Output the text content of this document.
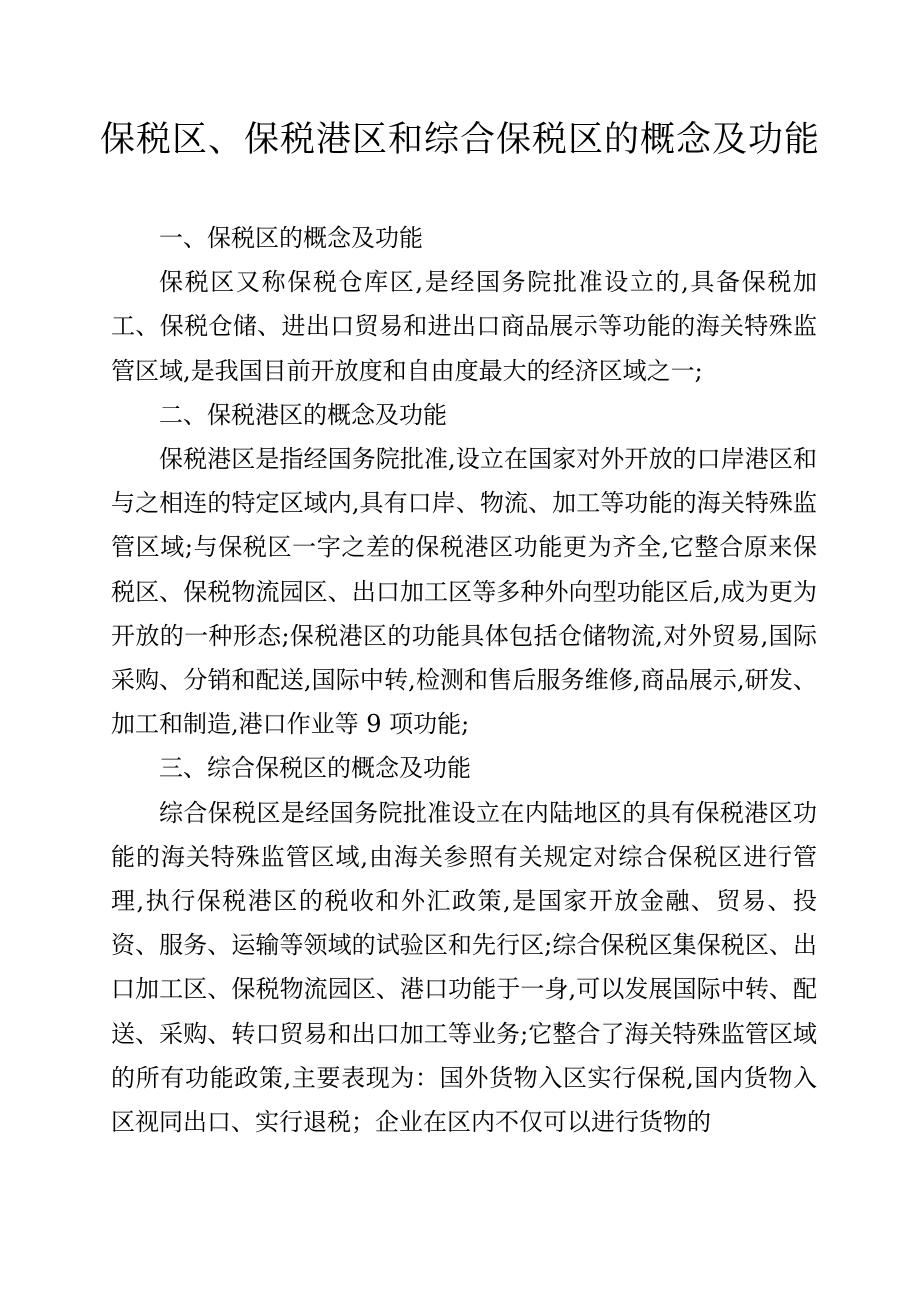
保税区、保税港区和综合保税区的概念及功能

一、保税区的概念及功能

保税区又称保税仓库区,是经国务院批准设立的,具备保税加工、保税仓储、进出口贸易和进出口商品展示等功能的海关特殊监管区域,是我国目前开放度和自由度最大的经济区域之一;

二、保税港区的概念及功能

保税港区是指经国务院批准,设立在国家对外开放的口岸港区和与之相连的特定区域内,具有口岸、物流、加工等功能的海关特殊监管区域;与保税区一字之差的保税港区功能更为齐全,它整合原来保税区、保税物流园区、出口加工区等多种外向型功能区后,成为更为开放的一种形态;保税港区的功能具体包括仓储物流,对外贸易,国际采购、分销和配送,国际中转,检测和售后服务维修,商品展示,研发、加工和制造,港口作业等 9 项功能;

三、综合保税区的概念及功能

综合保税区是经国务院批准设立在内陆地区的具有保税港区功能的海关特殊监管区域,由海关参照有关规定对综合保税区进行管理,执行保税港区的税收和外汇政策,是国家开放金融、贸易、投资、服务、运输等领域的试验区和先行区;综合保税区集保税区、出口加工区、保税物流园区、港口功能于一身,可以发展国际中转、配送、采购、转口贸易和出口加工等业务;它整合了海关特殊监管区域的所有功能政策,主要表现为：国外货物入区实行保税,国内货物入区视同出口、实行退税；企业在区内不仅可以进行货物的
